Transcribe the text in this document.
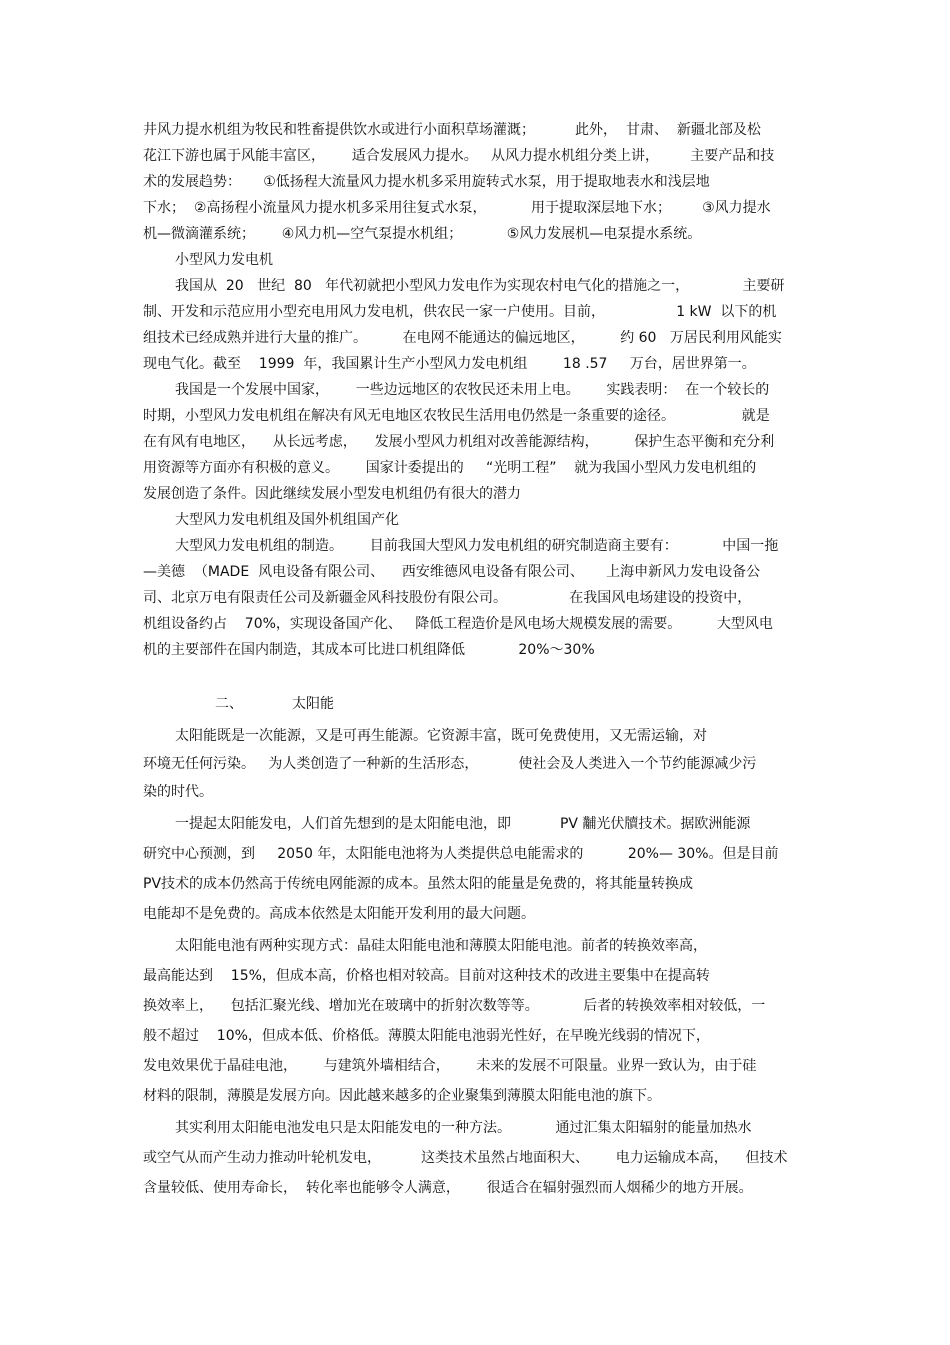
井风力提水机组为牧民和牲畜提供饮水或进行小面积草场灌溉；         此外，  甘肃、  新疆北部及松
花江下游也属于风能丰富区，      适合发展风力提水。   从风力提水机组分类上讲，       主要产品和技
术的发展趋势：     ①低扬程大流量风力提水机多采用旋转式水泵，用于提取地表水和浅层地
下水；  ②高扬程小流量风力提水机多采用往复式水泵，          用于提取深层地下水；       ③风力提水
机—微滴灌系统；      ④风力机—空气泵提水机组；          ⑤风力发展机—电泵提水系统。
小型风力发电机
我国从  20   世纪  80   年代初就把小型风力发电作为实现农村电气化的措施之一，            主要研
制、开发和示范应用小型充电用风力发电机，供农民一家一户使用。目前，                1 kW  以下的机
组技术已经成熟并进行大量的推广。        在电网不能通达的偏远地区，        约 60   万居民利用风能实
现电气化。截至    1999  年，我国累计生产小型风力发电机组        18 .57     万台，居世界第一。
我国是一个发展中国家，      一些边远地区的农牧民还未用上电。      实践表明：  在一个较长的
时期，小型风力发电机组在解决有风无电地区农牧民生活用电仍然是一条重要的途径。               就是
在有风有电地区，    从长远考虑，    发展小型风力机组对改善能源结构，        保护生态平衡和充分利
用资源等方面亦有积极的意义。      国家计委提出的     “光明工程”    就为我国小型风力发电机组的
发展创造了条件。因此继续发展小型发电机组仍有很大的潜力
大型风力发电机组及国外机组国产化
大型风力发电机组的制造。      目前我国大型风力发电机组的研究制造商主要有：          中国一拖
—美德  （MADE  风电设备有限公司、    西安维德风电设备有限公司、     上海申新风力发电设备公
司、北京万电有限责任公司及新疆金风科技股份有限公司。              在我国风电场建设的投资中，
机组设备约占    70%，实现设备国产化、   降低工程造价是风电场大规模发展的需要。        大型风电
机的主要部件在国内制造，其成本可比进口机组降低            20%～30%
二、           太阳能
太阳能既是一次能源，又是可再生能源。它资源丰富，既可免费使用，又无需运输，对
环境无任何污染。   为人类创造了一种新的生活形态，         使社会及人类进入一个节约能源减少污
染的时代。
一提起太阳能发电，人们首先想到的是太阳能电池，即           PV 黼光伏牘技术。据欧洲能源
研究中心预测，到     2050 年，太阳能电池将为人类提供总电能需求的          20%— 30%。但是目前
PV技术的成本仍然高于传统电网能源的成本。虽然太阳的能量是免费的，将其能量转换成
电能却不是免费的。高成本依然是太阳能开发利用的最大问题。
太阳能电池有两种实现方式：晶硅太阳能电池和薄膜太阳能电池。前者的转换效率高，
最高能达到    15%，但成本高，价格也相对较高。目前对这种技术的改进主要集中在提高转
换效率上，    包括汇聚光线、增加光在玻璃中的折射次数等等。          后者的转换效率相对较低，一
般不超过    10%，但成本低、价格低。薄膜太阳能电池弱光性好，在早晚光线弱的情况下，
发电效果优于晶硅电池，      与建筑外墙相结合，      未来的发展不可限量。业界一致认为，由于硅
材料的限制，薄膜是发展方向。因此越来越多的企业聚集到薄膜太阳能电池的旗下。
其实利用太阳能电池发电只是太阳能发电的一种方法。          通过汇集太阳辐射的能量加热水
或空气从而产生动力推动叶轮机发电，         这类技术虽然占地面积大、      电力运输成本高，    但技术
含量较低、使用寿命长，  转化率也能够令人满意，      很适合在辐射强烈而人烟稀少的地方开展。
